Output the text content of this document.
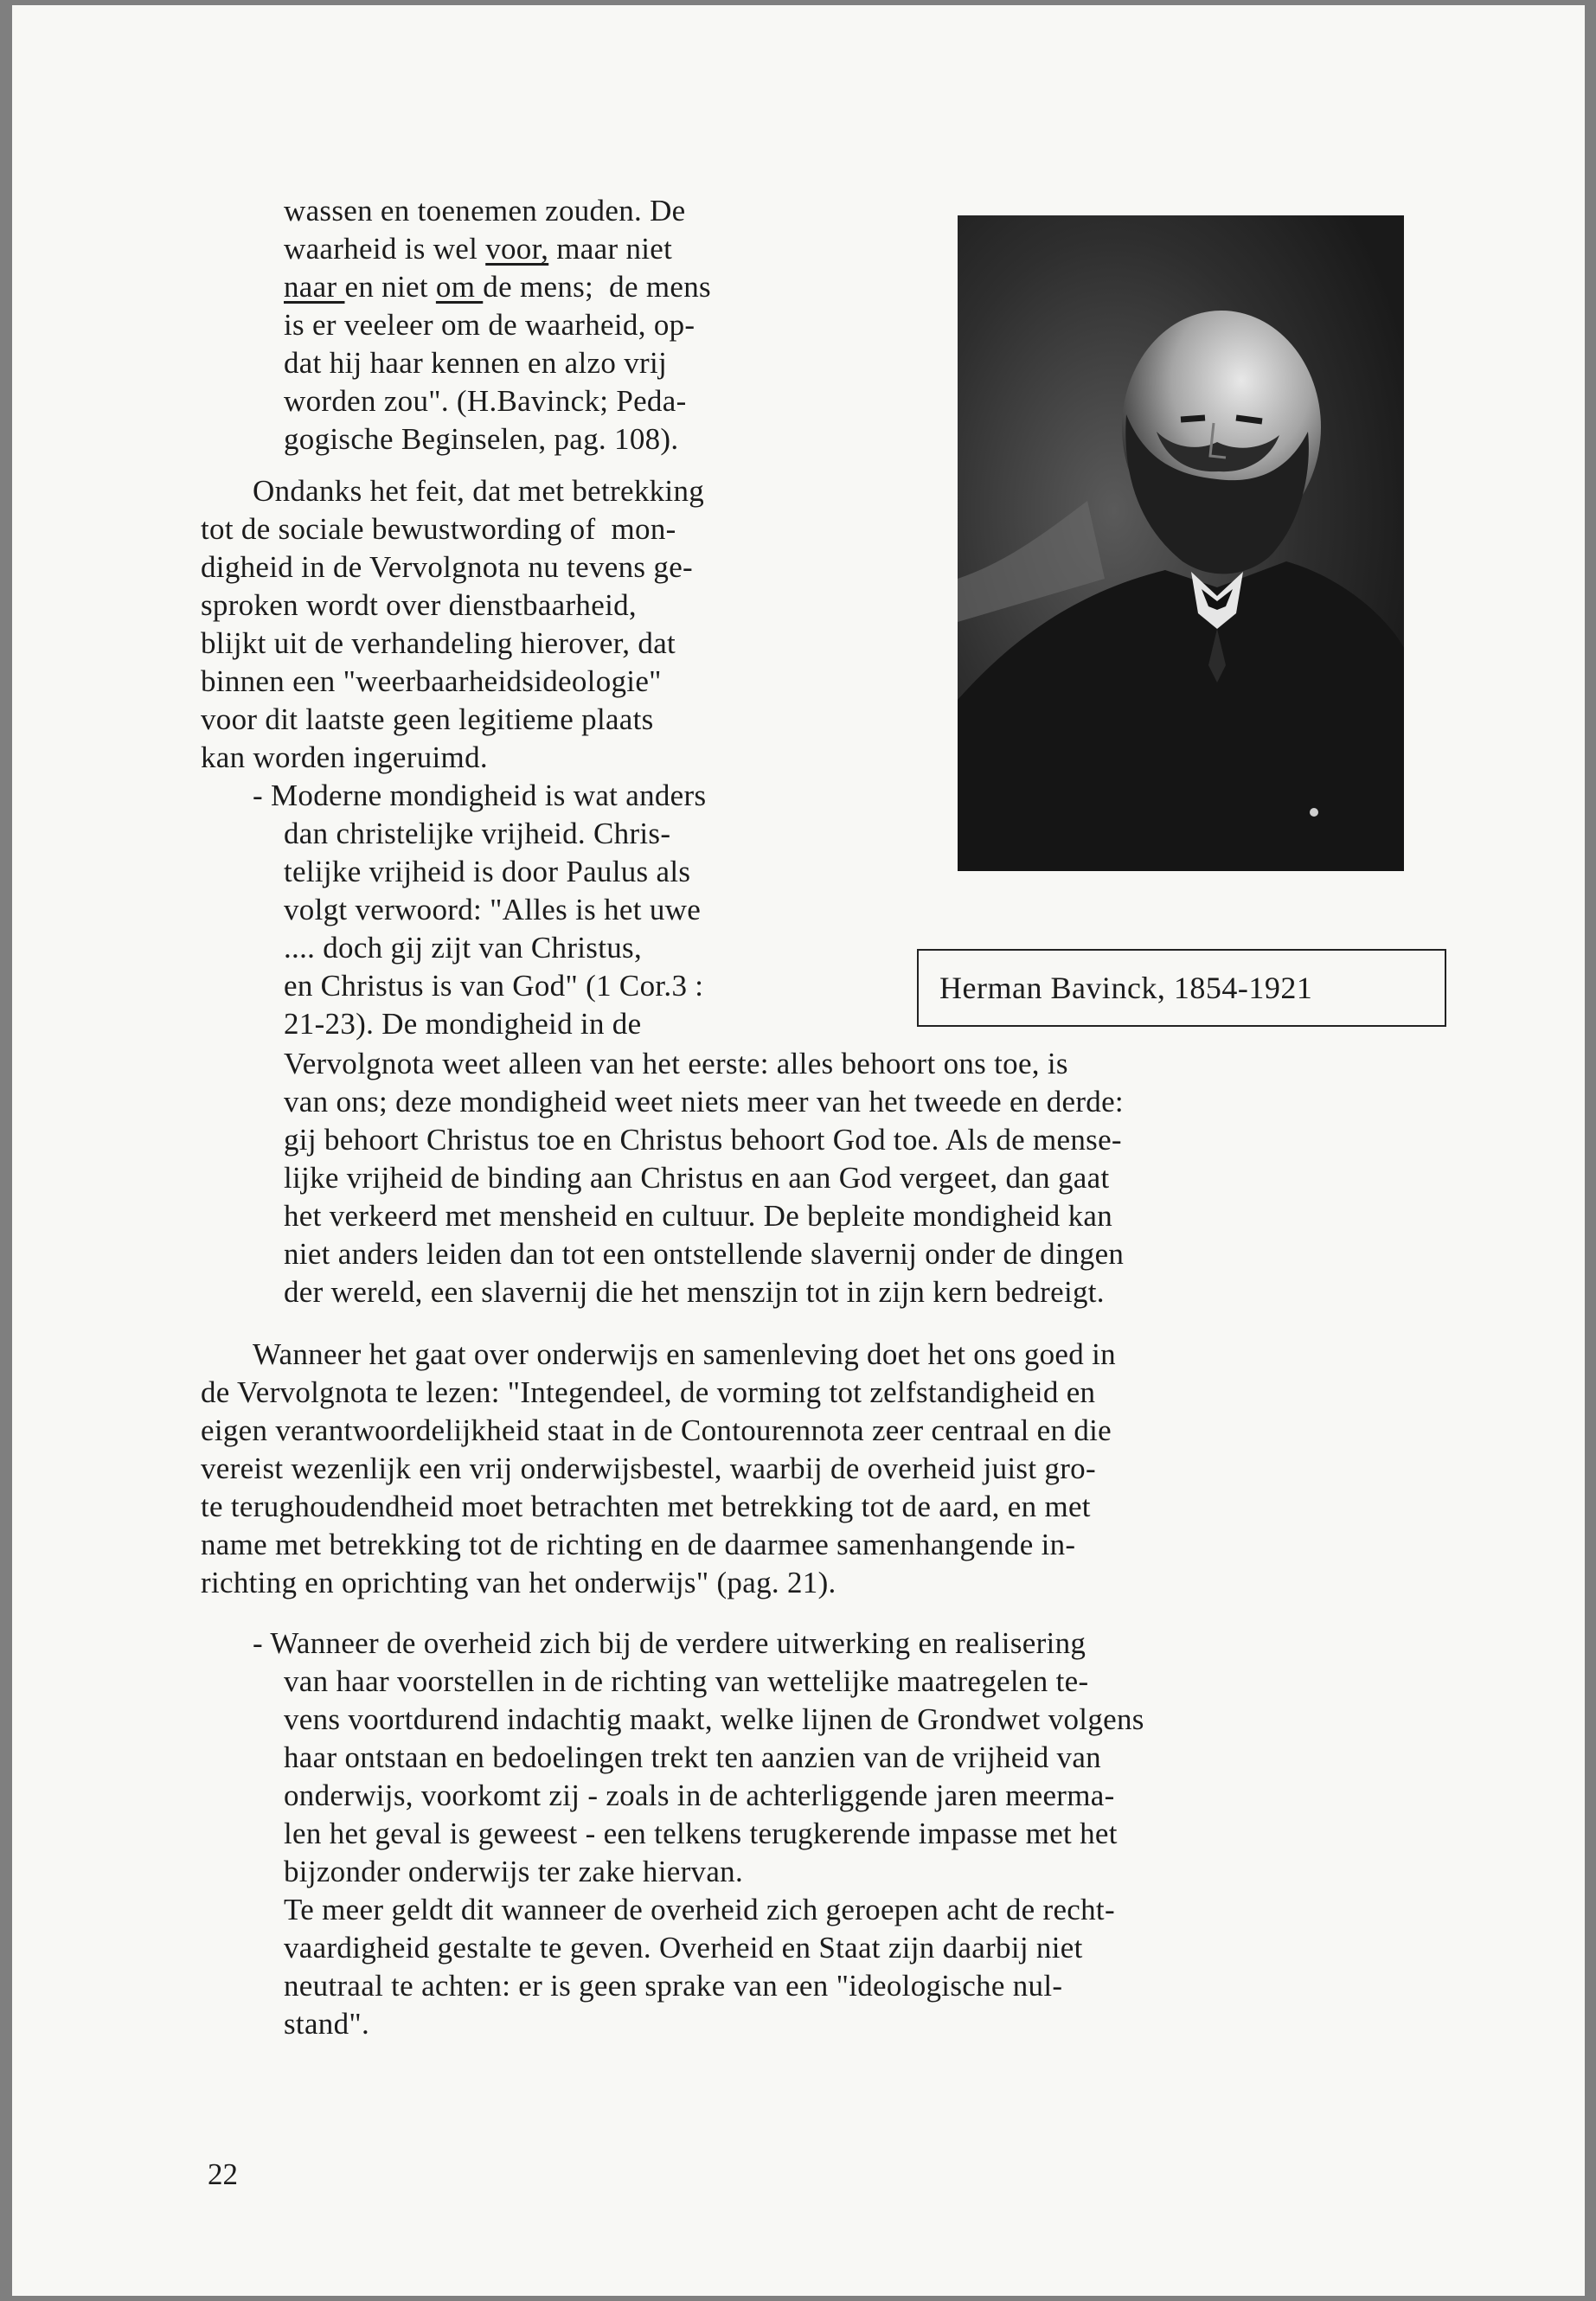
wassen en toenemen zouden. De
waarheid is wel voor, maar niet
naar en niet om de mens;  de mens
is er veeleer om de waarheid, op-
dat hij haar kennen en alzo vrij
worden zou". (H.Bavinck; Peda-
gogische Beginselen, pag. 108).
Ondanks het feit, dat met betrekking
tot de sociale bewustwording of  mon-
digheid in de Vervolgnota nu tevens ge-
sproken wordt over dienstbaarheid,
blijkt uit de verhandeling hierover, dat
binnen een "weerbaarheidsideologie"
voor dit laatste geen legitieme plaats
kan worden ingeruimd.
- Moderne mondigheid is wat anders
dan christelijke vrijheid. Chris-
telijke vrijheid is door Paulus als
volgt verwoord: "Alles is het uwe
.... doch gij zijt van Christus,
en Christus is van God" (1 Cor.3 :
21-23). De mondigheid in de
Vervolgnota weet alleen van het eerste: alles behoort ons toe, is
van ons; deze mondigheid weet niets meer van het tweede en derde:
gij behoort Christus toe en Christus behoort God toe. Als de mense-
lijke vrijheid de binding aan Christus en aan God vergeet, dan gaat
het verkeerd met mensheid en cultuur. De bepleite mondigheid kan
niet anders leiden dan tot een ontstellende slavernij onder de dingen
der wereld, een slavernij die het menszijn tot in zijn kern bedreigt.
Wanneer het gaat over onderwijs en samenleving doet het ons goed in
de Vervolgnota te lezen: "Integendeel, de vorming tot zelfstandigheid en
eigen verantwoordelijkheid staat in de Contourennota zeer centraal en die
vereist wezenlijk een vrij onderwijsbestel, waarbij de overheid juist gro-
te terughoudendheid moet betrachten met betrekking tot de aard, en met
name met betrekking tot de richting en de daarmee samenhangende in-
richting en oprichting van het onderwijs" (pag. 21).
- Wanneer de overheid zich bij de verdere uitwerking en realisering
van haar voorstellen in de richting van wettelijke maatregelen te-
vens voortdurend indachtig maakt, welke lijnen de Grondwet volgens
haar ontstaan en bedoelingen trekt ten aanzien van de vrijheid van
onderwijs, voorkomt zij - zoals in de achterliggende jaren meerma-
len het geval is geweest - een telkens terugkerende impasse met het
bijzonder onderwijs ter zake hiervan.
Te meer geldt dit wanneer de overheid zich geroepen acht de recht-
vaardigheid gestalte te geven. Overheid en Staat zijn daarbij niet
neutraal te achten: er is geen sprake van een "ideologische nul-
stand".
Herman Bavinck, 1854-1921
22
